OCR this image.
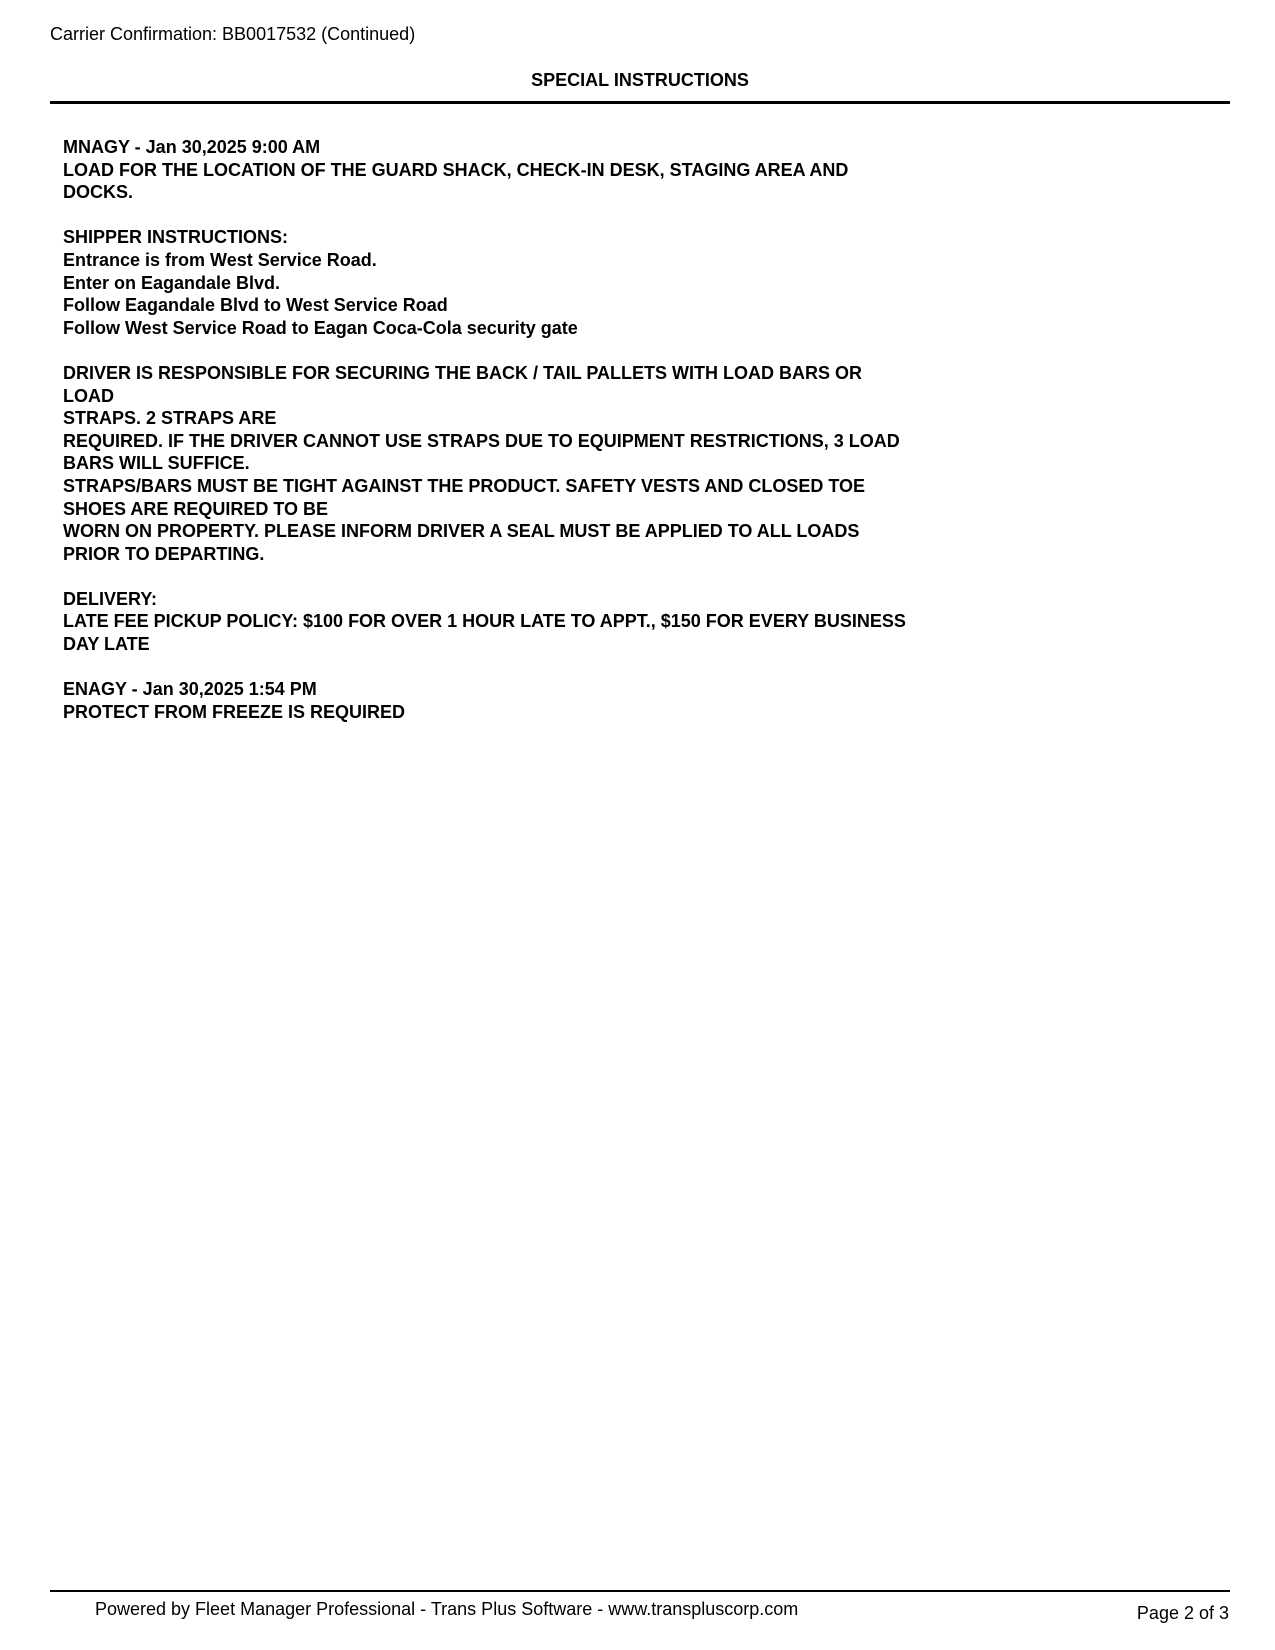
Carrier Confirmation: BB0017532 (Continued)
SPECIAL INSTRUCTIONS
MNAGY - Jan 30,2025 9:00 AM
LOAD FOR THE LOCATION OF THE GUARD SHACK, CHECK-IN DESK, STAGING AREA AND
DOCKS.
SHIPPER INSTRUCTIONS:
Entrance is from West Service Road.
Enter on Eagandale Blvd.
Follow Eagandale Blvd to West Service Road
Follow West Service Road to Eagan Coca-Cola security gate
DRIVER IS RESPONSIBLE FOR SECURING THE BACK / TAIL PALLETS WITH LOAD BARS OR
LOAD
STRAPS. 2 STRAPS ARE
REQUIRED. IF THE DRIVER CANNOT USE STRAPS DUE TO EQUIPMENT RESTRICTIONS, 3 LOAD
BARS WILL SUFFICE.
STRAPS/BARS MUST BE TIGHT AGAINST THE PRODUCT. SAFETY VESTS AND CLOSED TOE
SHOES ARE REQUIRED TO BE
WORN ON PROPERTY. PLEASE INFORM DRIVER A SEAL MUST BE APPLIED TO ALL LOADS
PRIOR TO DEPARTING.
DELIVERY:
LATE FEE PICKUP POLICY: $100 FOR OVER 1 HOUR LATE TO APPT., $150 FOR EVERY BUSINESS
DAY LATE
ENAGY - Jan 30,2025 1:54 PM
PROTECT FROM FREEZE IS REQUIRED
Powered by Fleet Manager Professional - Trans Plus Software - www.transpluscorp.com	Page 2 of 3
